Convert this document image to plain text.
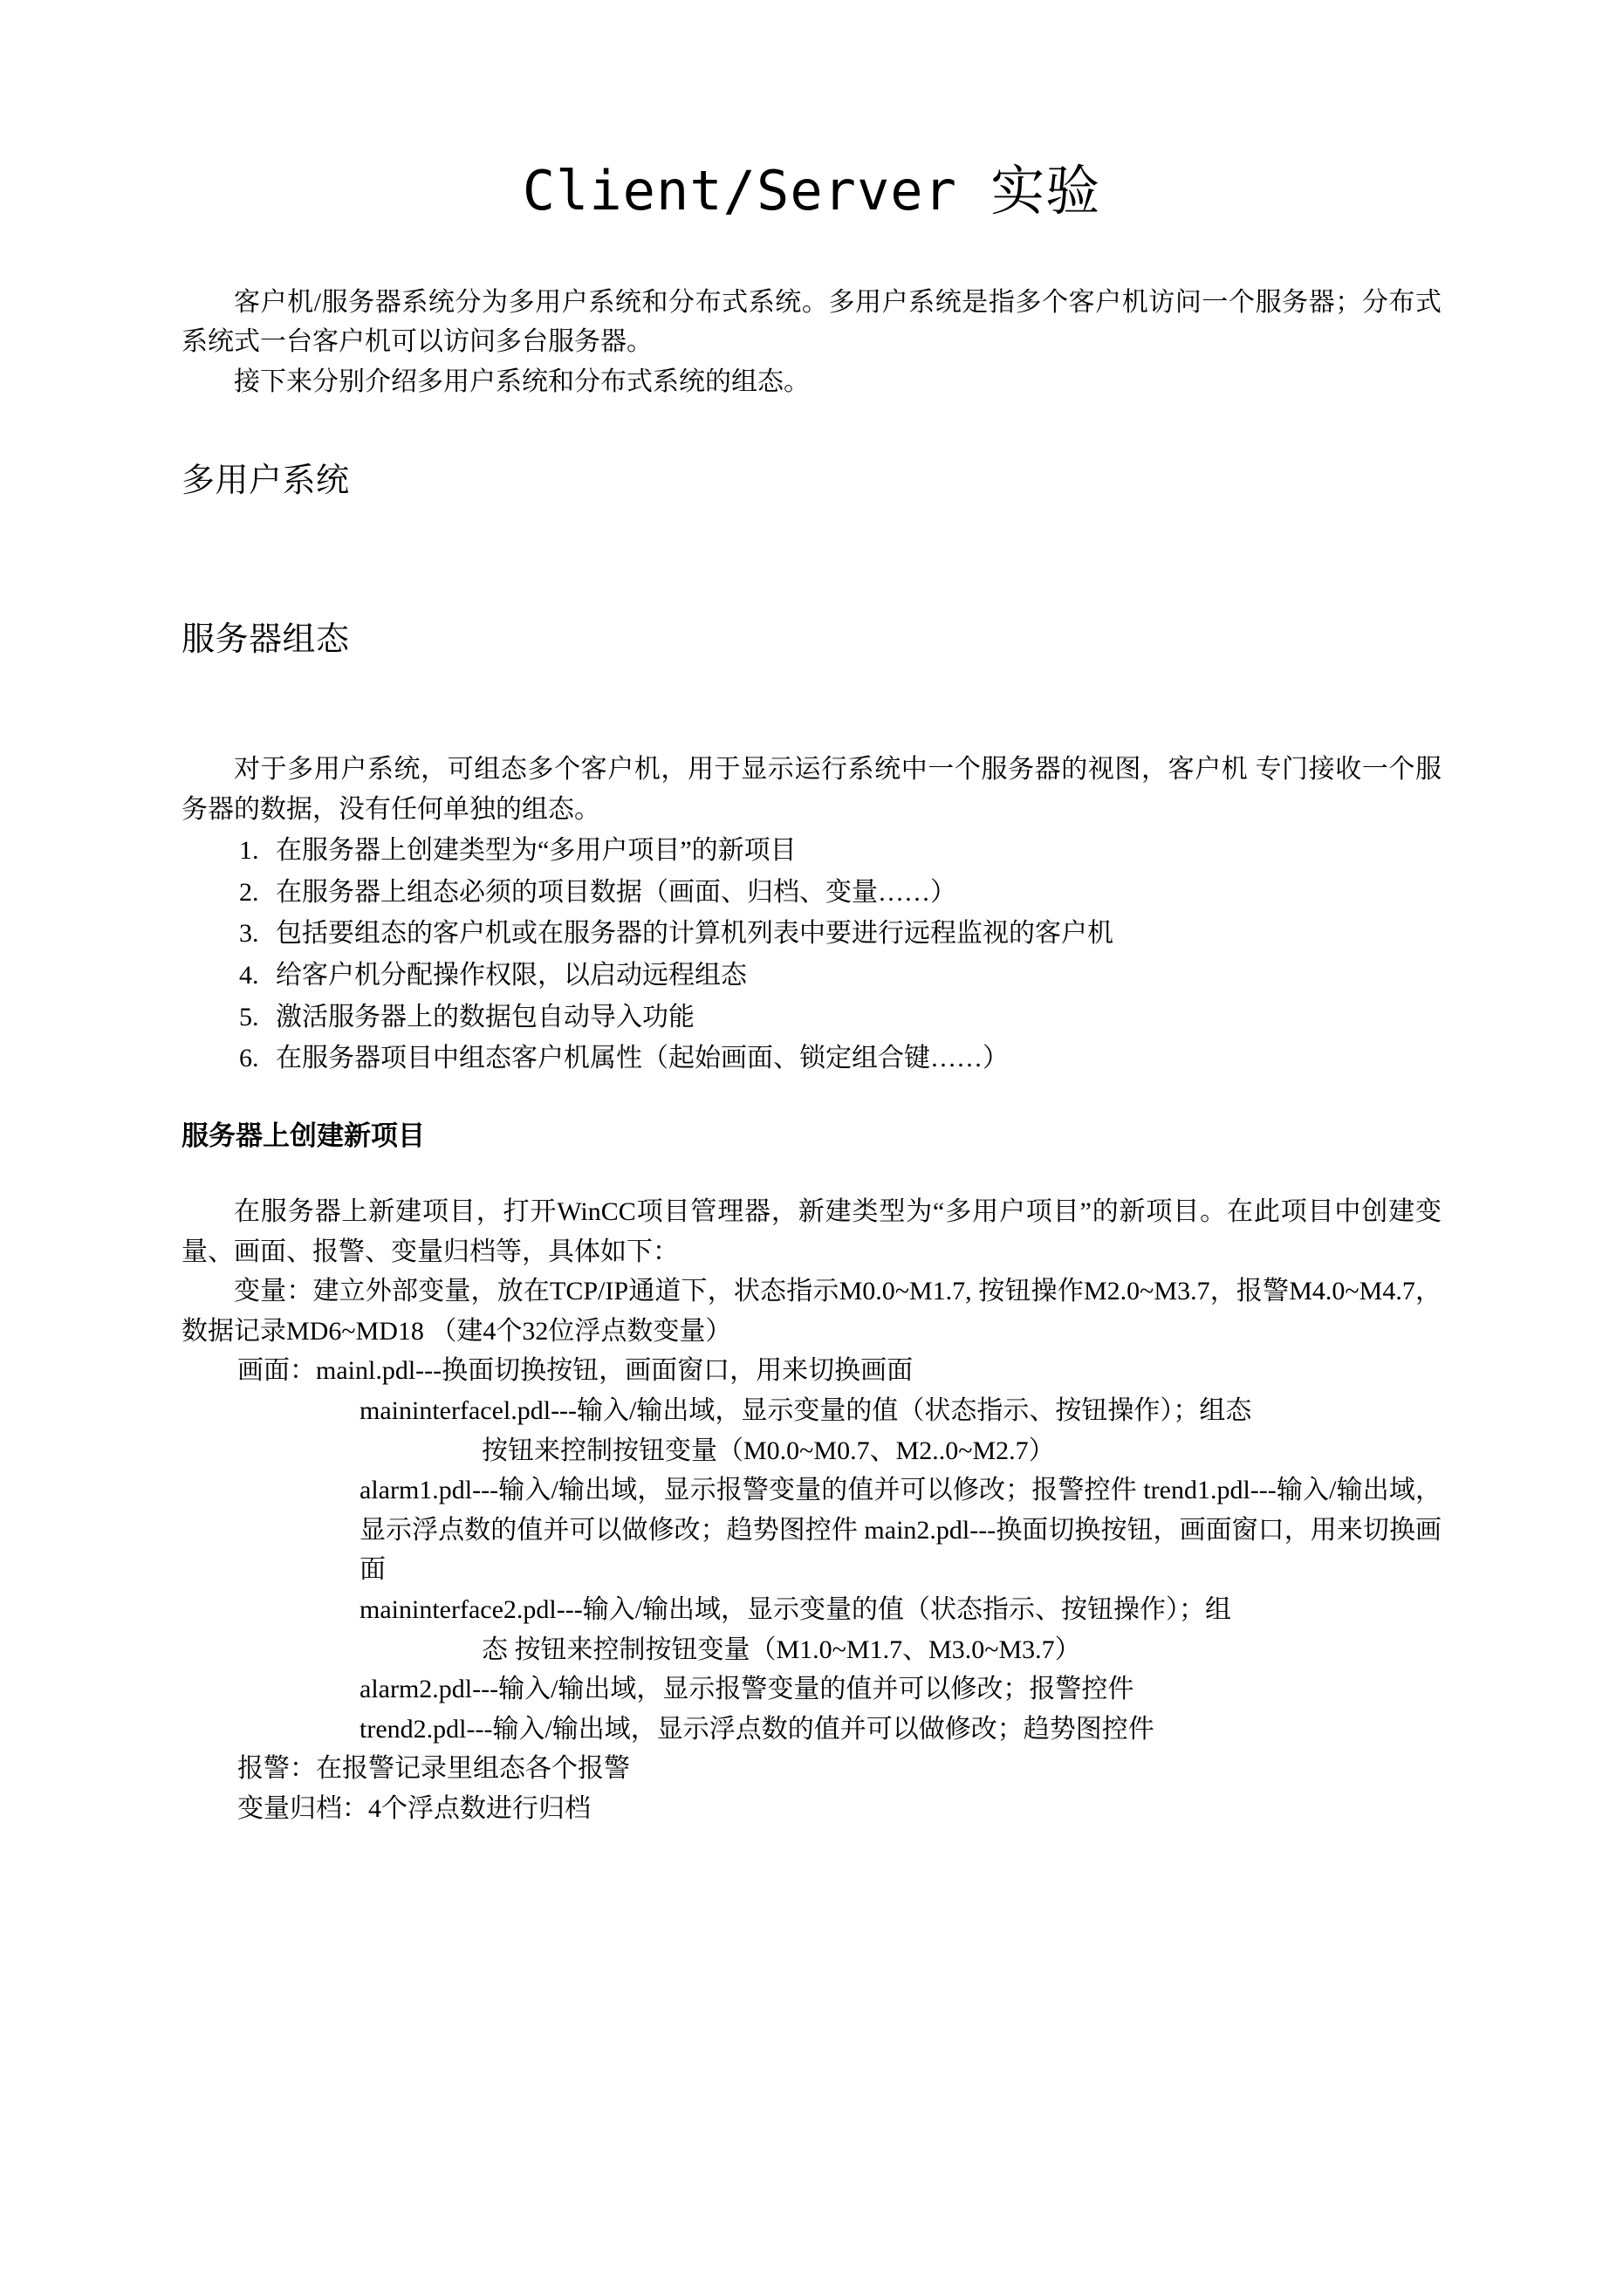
Client/Server 实验

客户机/服务器系统分为多用户系统和分布式系统。多用户系统是指多个客户机访问一个服务器；分布式系统式一台客户机可以访问多台服务器。

接下来分别介绍多用户系统和分布式系统的组态。

多用户系统
服务器组态

对于多用户系统，可组态多个客户机，用于显示运行系统中一个服务器的视图，客户机 专门接收一个服务器的数据，没有任何单独的组态。

1. 在服务器上创建类型为“多用户项目”的新项目
2. 在服务器上组态必须的项目数据（画面、归档、变量……）
3. 包括要组态的客户机或在服务器的计算机列表中要进行远程监视的客户机
4. 给客户机分配操作权限，以启动远程组态
5. 激活服务器上的数据包自动导入功能
6. 在服务器项目中组态客户机属性（起始画面、锁定组合键……）
服务器上创建新项目

在服务器上新建项目，打开WinCC项目管理器，新建类型为“多用户项目”的新项目。在此项目中创建变量、画面、报警、变量归档等，具体如下：

变量：建立外部变量，放在TCP/IP通道下，状态指示M0.0~M1.7, 按钮操作M2.0~M3.7，报警M4.0~M4.7，数据记录MD6~MD18 （建4个32位浮点数变量）

画面：mainl.pdl---换面切换按钮，画面窗口，用来切换画面

maininterfacel.pdl---输入/输出域，显示变量的值（状态指示、按钮操作）；组态

按钮来控制按钮变量（M0.0~M0.7、M2..0~M2.7）

alarm1.pdl---输入/输出域，显示报警变量的值并可以修改；报警控件 trend1.pdl---输入/输出域，显示浮点数的值并可以做修改；趋势图控件 main2.pdl---换面切换按钮，画面窗口，用来切换画面

maininterface2.pdl---输入/输出域，显示变量的值（状态指示、按钮操作）；组

态 按钮来控制按钮变量（M1.0~M1.7、M3.0~M3.7）

alarm2.pdl---输入/输出域，显示报警变量的值并可以修改；报警控件

trend2.pdl---输入/输出域，显示浮点数的值并可以做修改；趋势图控件

报警：在报警记录里组态各个报警

变量归档：4个浮点数进行归档
